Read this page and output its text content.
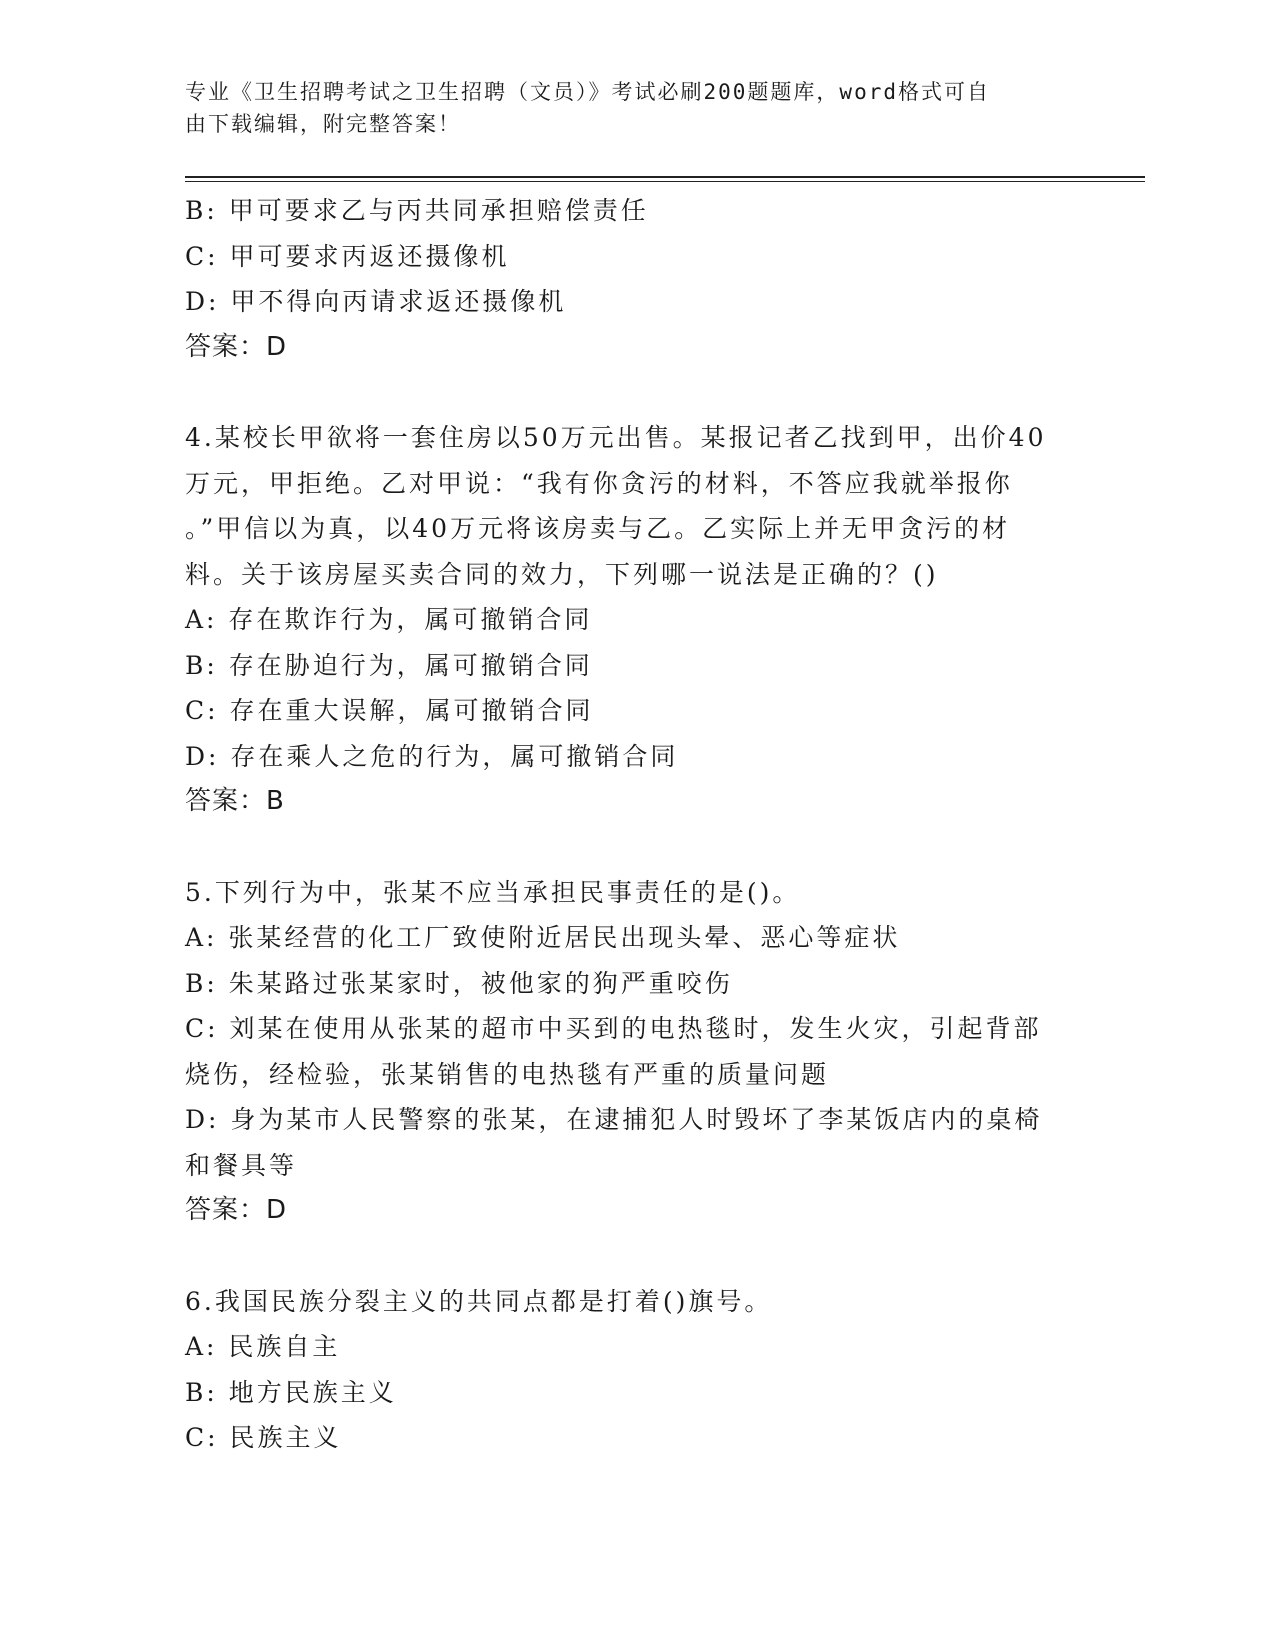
专业《卫生招聘考试之卫生招聘（文员）》考试必刷200题题库，word格式可自
由下载编辑，附完整答案！
B: 甲可要求乙与丙共同承担赔偿责任
C: 甲可要求丙返还摄像机
D: 甲不得向丙请求返还摄像机
答案：D
4.某校长甲欲将一套住房以50万元出售。某报记者乙找到甲，出价40
万元，甲拒绝。乙对甲说：“我有你贪污的材料，不答应我就举报你
。”甲信以为真，以40万元将该房卖与乙。乙实际上并无甲贪污的材
料。关于该房屋买卖合同的效力，下列哪一说法是正确的？()
A: 存在欺诈行为，属可撤销合同
B: 存在胁迫行为，属可撤销合同
C: 存在重大误解，属可撤销合同
D: 存在乘人之危的行为，属可撤销合同
答案：B
5.下列行为中，张某不应当承担民事责任的是()。
A: 张某经营的化工厂致使附近居民出现头晕、恶心等症状
B: 朱某路过张某家时，被他家的狗严重咬伤
C: 刘某在使用从张某的超市中买到的电热毯时，发生火灾，引起背部
烧伤，经检验，张某销售的电热毯有严重的质量问题
D: 身为某市人民警察的张某，在逮捕犯人时毁坏了李某饭店内的桌椅
和餐具等
答案：D
6.我国民族分裂主义的共同点都是打着()旗号。
A: 民族自主
B: 地方民族主义
C: 民族主义
